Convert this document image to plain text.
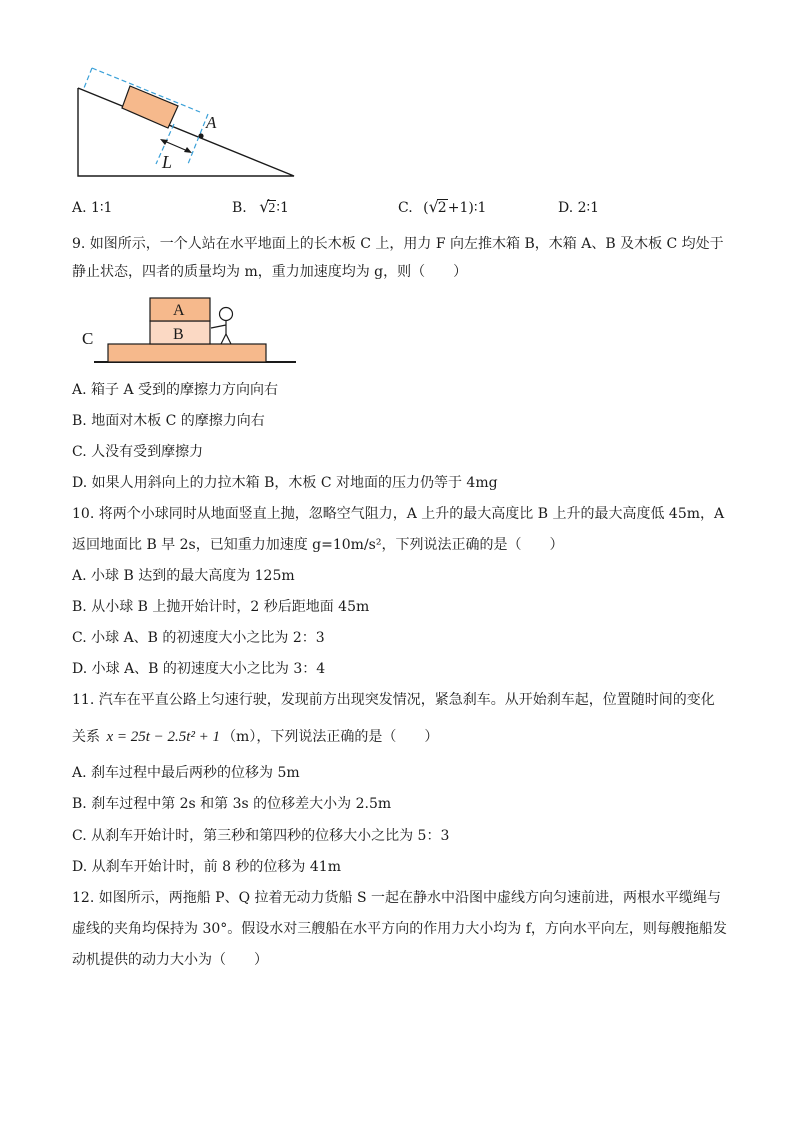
A
L
A. 1∶1	B. √2∶1	C. (√2+1)∶1	D. 2∶1
9. 如图所示，一个人站在水平地面上的长木板 C 上，用力 F 向左推木箱 B，木箱 A、B 及木板 C 均处于
静止状态，四者的质量均为 m，重力加速度均为 g，则（　　）
C	B
A
A. 箱子 A 受到的摩擦力方向向右
B. 地面对木板 C 的摩擦力向右
C. 人没有受到摩擦力
D. 如果人用斜向上的力拉木箱 B，木板 C 对地面的压力仍等于 4mg
10. 将两个小球同时从地面竖直上抛，忽略空气阻力，A 上升的最大高度比 B 上升的最大高度低 45m，A
返回地面比 B 早 2s，已知重力加速度 g=10m/s²，下列说法正确的是（　　）
A. 小球 B 达到的最大高度为 125m
B. 从小球 B 上抛开始计时，2 秒后距地面 45m
C. 小球 A、B 的初速度大小之比为 2：3
D. 小球 A、B 的初速度大小之比为 3：4
11. 汽车在平直公路上匀速行驶，发现前方出现突发情况，紧急刹车。从开始刹车起，位置随时间的变化
关系 x = 25t − 2.5t² + 1 （m），下列说法正确的是（　　）
A. 刹车过程中最后两秒的位移为 5m
B. 刹车过程中第 2s 和第 3s 的位移差大小为 2.5m
C. 从刹车开始计时，第三秒和第四秒的位移大小之比为 5：3
D. 从刹车开始计时，前 8 秒的位移为 41m
12. 如图所示，两拖船 P、Q 拉着无动力货船 S 一起在静水中沿图中虚线方向匀速前进，两根水平缆绳与
虚线的夹角均保持为 30°。假设水对三艘船在水平方向的作用力大小均为 f，方向水平向左，则每艘拖船发
动机提供的动力大小为（　　）
